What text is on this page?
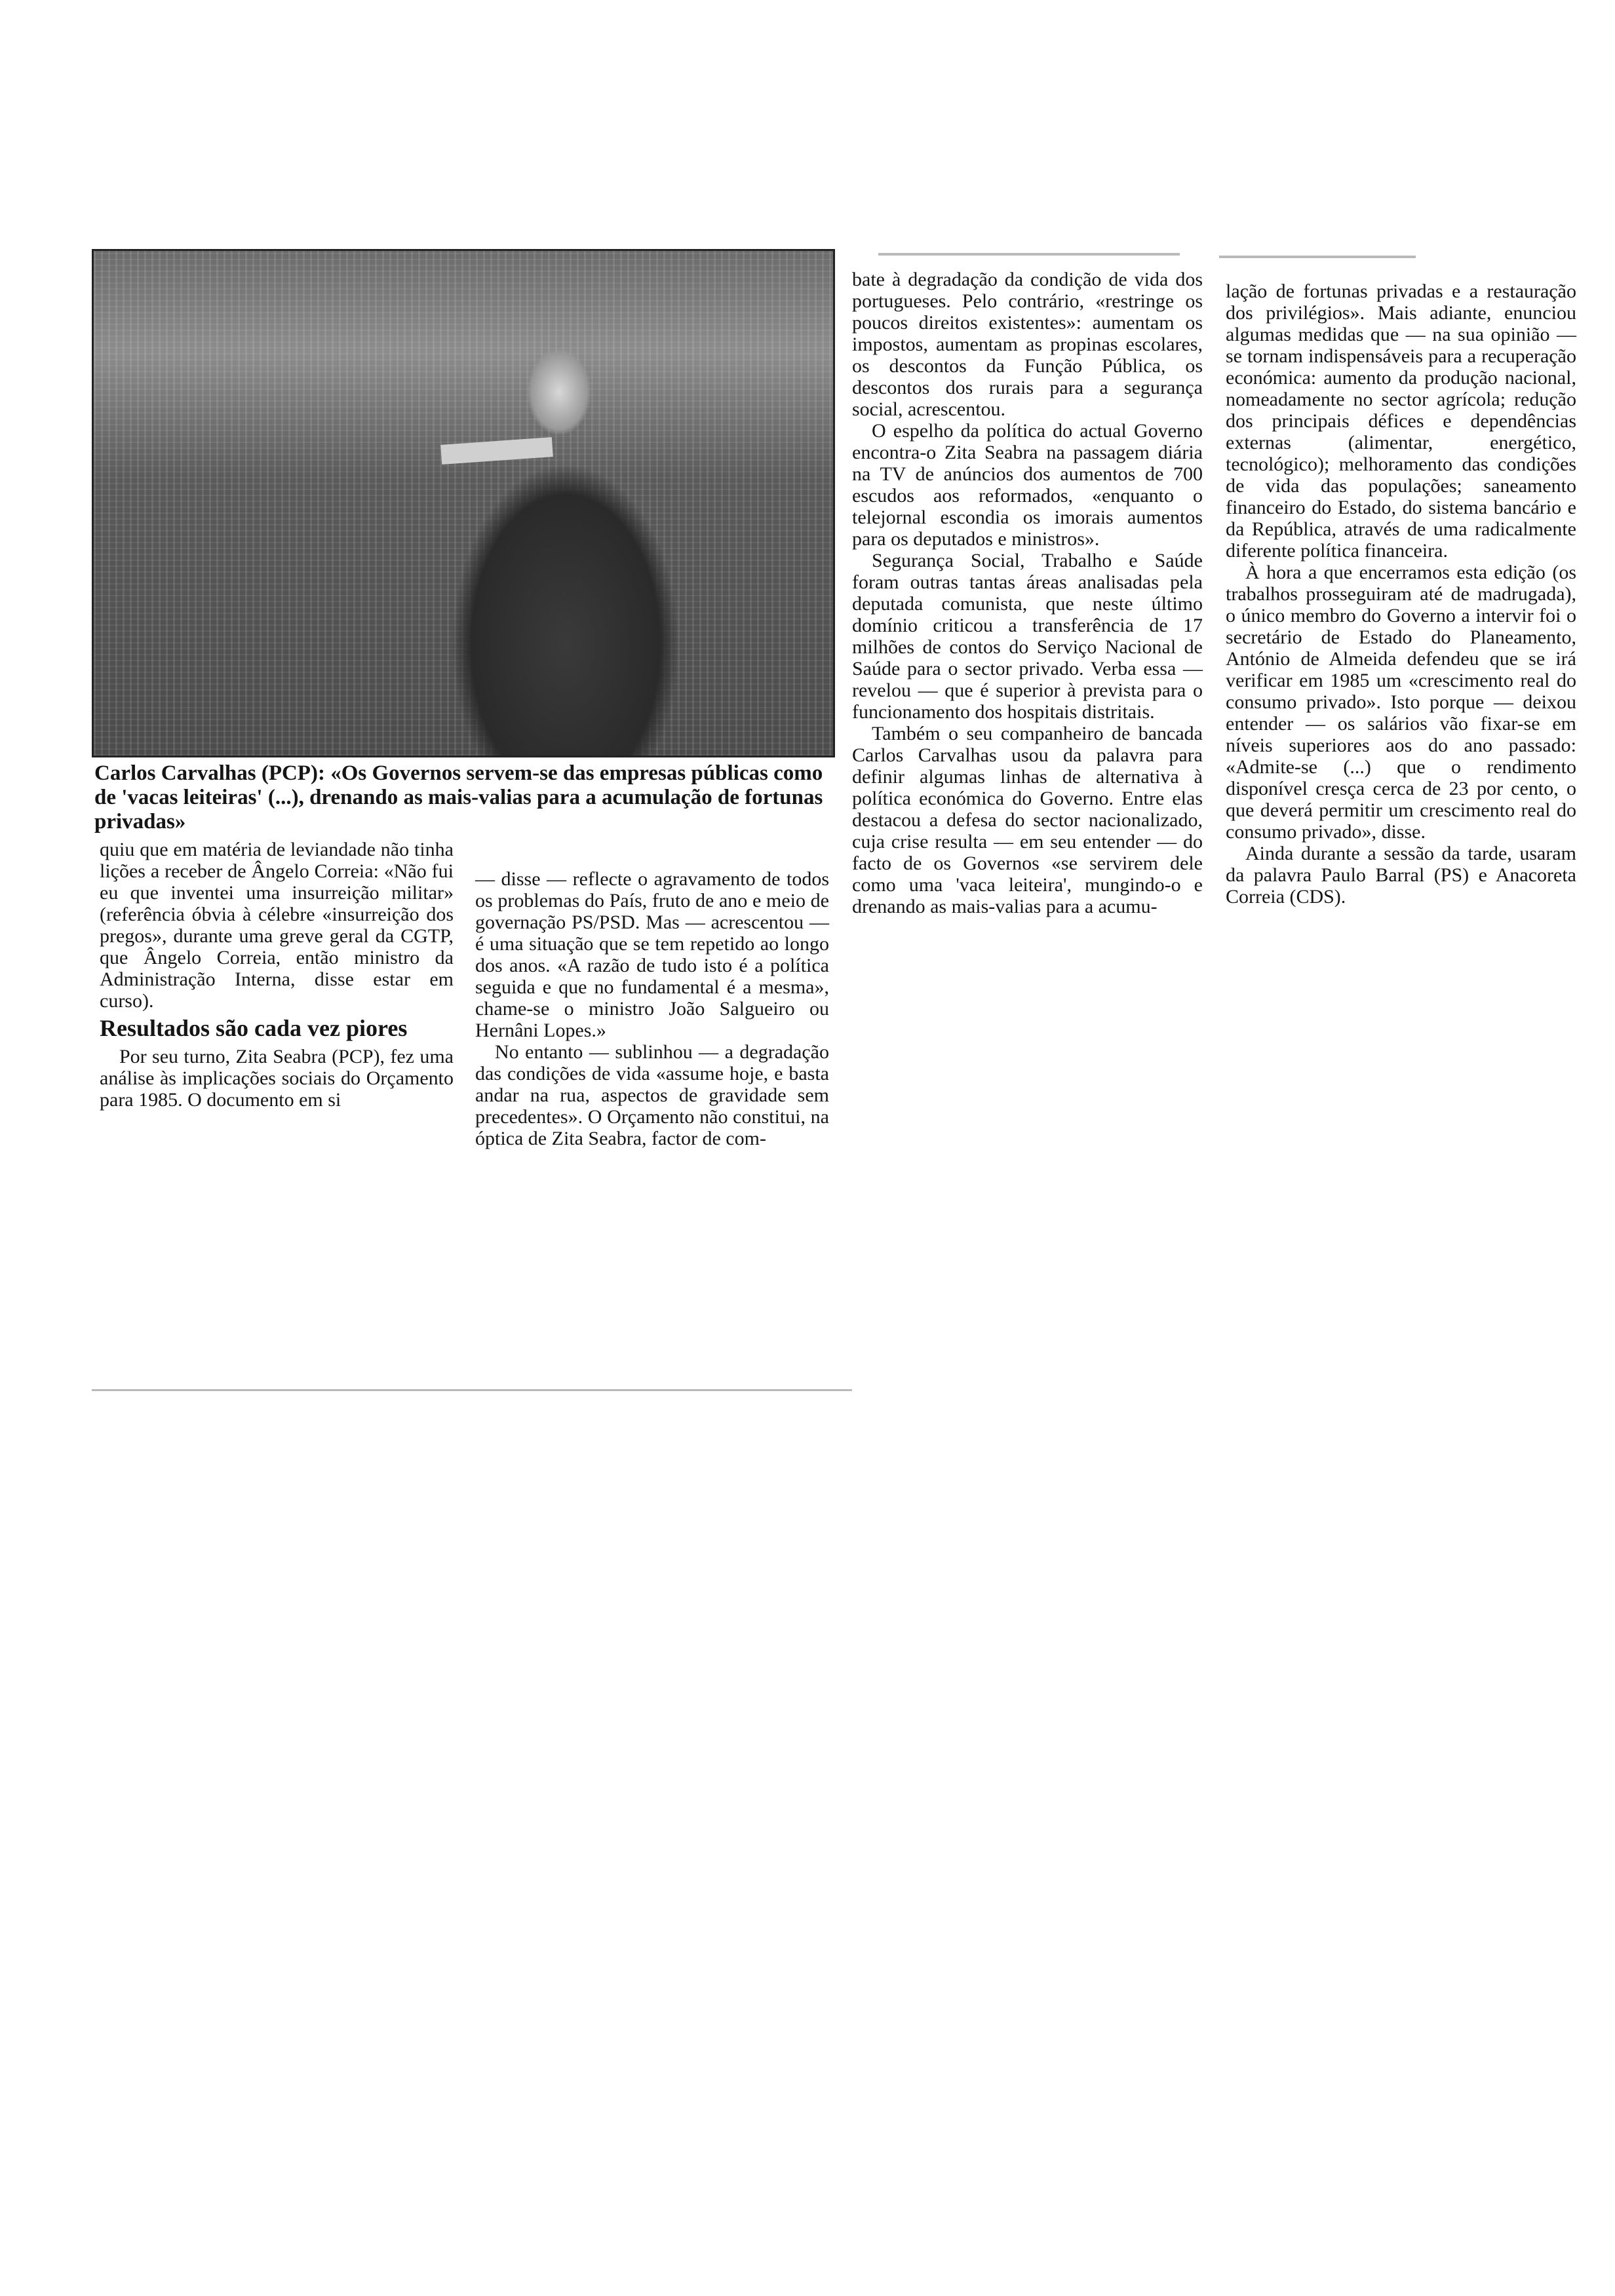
Carlos Carvalhas (PCP): «Os Governos servem-se das empresas públicas como de 'vacas leiteiras' (...), drenando as mais-valias para a acumulação de fortunas privadas»

quiu que em matéria de leviandade não tinha lições a receber de Ângelo Correia: «Não fui eu que inventei uma insurreição militar» (referência óbvia à célebre «insurreição dos pregos», durante uma greve geral da CGTP, que Ângelo Correia, então ministro da Administração Interna, disse estar em curso).

Resultados são cada vez piores

Por seu turno, Zita Seabra (PCP), fez uma análise às implicações sociais do Orçamento para 1985. O documento em si

— disse — reflecte o agravamento de todos os problemas do País, fruto de ano e meio de governação PS/PSD. Mas — acrescentou — é uma situação que se tem repetido ao longo dos anos. «A razão de tudo isto é a política seguida e que no fundamental é a mesma», chame-se o ministro João Salgueiro ou Hernâni Lopes.»

No entanto — sublinhou — a degradação das condições de vida «assume hoje, e basta andar na rua, aspectos de gravidade sem precedentes». O Orçamento não constitui, na óptica de Zita Seabra, factor de com-

bate à degradação da condição de vida dos portugueses. Pelo contrário, «restringe os poucos direitos existentes»: aumentam os impostos, aumentam as propinas escolares, os descontos da Função Pública, os descontos dos rurais para a segurança social, acrescentou.

O espelho da política do actual Governo encontra-o Zita Seabra na passagem diária na TV de anúncios dos aumentos de 700 escudos aos reformados, «enquanto o telejornal escondia os imorais aumentos para os deputados e ministros».

Segurança Social, Trabalho e Saúde foram outras tantas áreas analisadas pela deputada comunista, que neste último domínio criticou a transferência de 17 milhões de contos do Serviço Nacional de Saúde para o sector privado. Verba essa — revelou — que é superior à prevista para o funcionamento dos hospitais distritais.

Também o seu companheiro de bancada Carlos Carvalhas usou da palavra para definir algumas linhas de alternativa à política económica do Governo. Entre elas destacou a defesa do sector nacionalizado, cuja crise resulta — em seu entender — do facto de os Governos «se servirem dele como uma 'vaca leiteira', mungindo-o e drenando as mais-valias para a acumu-

lação de fortunas privadas e a restauração dos privilégios». Mais adiante, enunciou algumas medidas que — na sua opinião — se tornam indispensáveis para a recuperação económica: aumento da produção nacional, nomeadamente no sector agrícola; redução dos principais défices e dependências externas (alimentar, energético, tecnológico); melhoramento das condições de vida das populações; saneamento financeiro do Estado, do sistema bancário e da República, através de uma radicalmente diferente política financeira.

À hora a que encerramos esta edição (os trabalhos prosseguiram até de madrugada), o único membro do Governo a intervir foi o secretário de Estado do Planeamento, António de Almeida defendeu que se irá verificar em 1985 um «crescimento real do consumo privado». Isto porque — deixou entender — os salários vão fixar-se em níveis superiores aos do ano passado: «Admite-se (...) que o rendimento disponível cresça cerca de 23 por cento, o que deverá permitir um crescimento real do consumo privado», disse.

Ainda durante a sessão da tarde, usaram da palavra Paulo Barral (PS) e Anacoreta Correia (CDS).
